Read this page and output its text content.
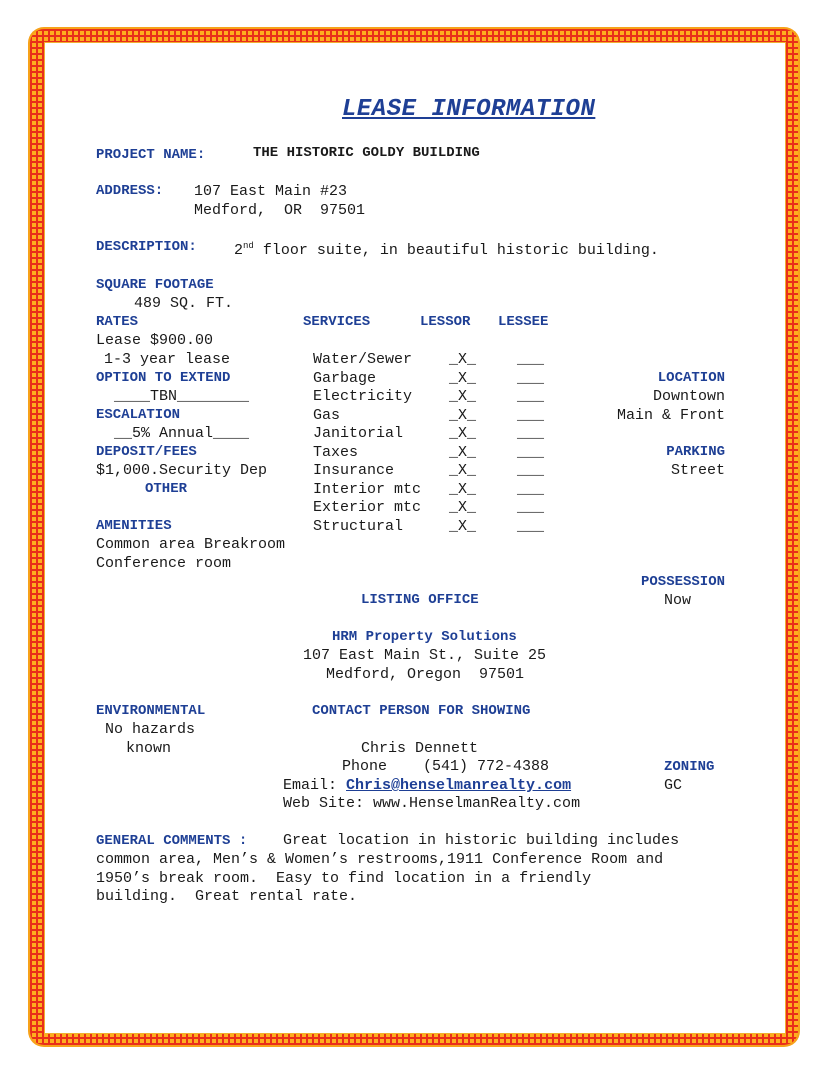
LEASE INFORMATION
PROJECT NAME:	THE HISTORIC GOLDY BUILDING
ADDRESS: 107 East Main #23
Medford,  OR  97501
DESCRIPTION: 2nd floor suite, in beautiful historic building.
SQUARE FOOTAGE
489 SQ. FT.
RATES
Lease $900.00
1-3 year lease
OPTION TO EXTEND
____TBN________
ESCALATION
__5% Annual____
DEPOSIT/FEES
$1,000.Security Dep
OTHER
AMENITIES
Common area Breakroom
Conference room
SERVICES	LESSOR LESSEE
Water/Sewer _X_	___
Garbage	_X_	___
Electricity _X_	___
Gas	_X_	___
Janitorial	_X_	___
Taxes	_X_	___
Insurance	_X_	___
Interior mtc _X_	___
Exterior mtc _X_	___
Structural	_X_	___
LOCATION
Downtown
Main & Front
PARKING
Street
POSSESSION
Now
LISTING OFFICE
HRM Property Solutions
107 East Main St., Suite 25
Medford, Oregon  97501
ENVIRONMENTAL
No hazards
known
CONTACT PERSON FOR SHOWING
Chris Dennett
Phone (541) 772-4388
Email: Chris@henselmanrealty.com
Web Site: www.HenselmanRealty.com
ZONING
GC
GENERAL COMMENTS : Great location in historic building includes
common area, Men’s & Women’s restrooms,1911 Conference Room and
1950’s break room.  Easy to find location in a friendly
building.  Great rental rate.
